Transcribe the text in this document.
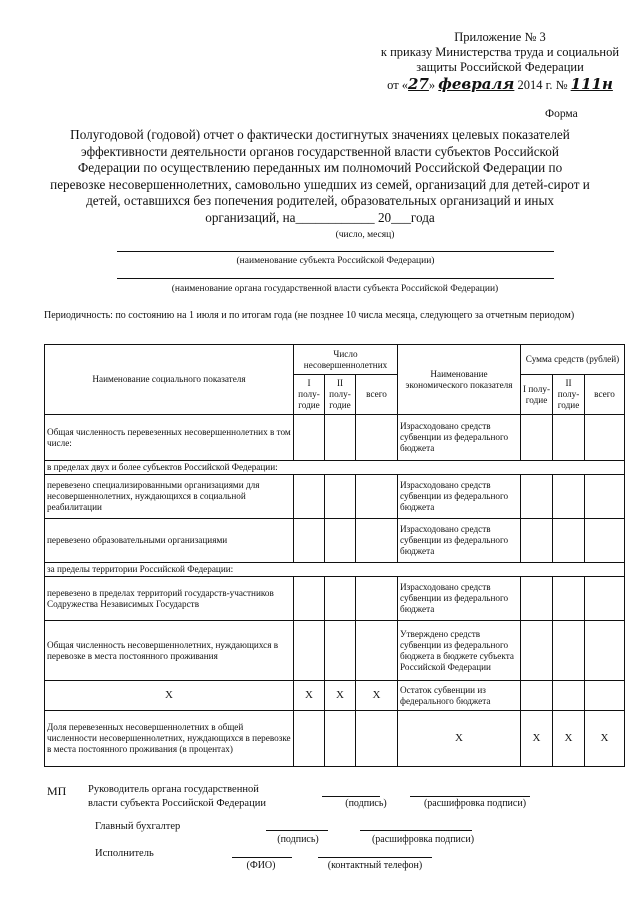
Приложение № 3
к приказу Министерства труда и социальной
защиты Российской Федерации
от «27» февраля 2014 г. № 111н
Форма
Полугодовой (годовой) отчет о фактически достигнутых значениях целевых показателей
эффективности деятельности органов государственной власти субъектов Российской
Федерации по осуществлению переданных им полномочий Российской Федерации по
перевозке несовершеннолетних, самовольно ушедших из семей, организаций для детей-сирот и
детей, оставшихся без попечения родителей, образовательных организаций и иных
организаций, на____________ 20___года
(число, месяц)
(наименование субъекта Российской Федерации)
(наименование органа государственной власти субъекта Российской Федерации)
Периодичность: по состоянию на 1 июля и по итогам года (не позднее 10 числа месяца, следующего за отчетным периодом)
Наименование социального показателя	Число несовершеннолетних			Наименование экономического показателя	Сумма средств (рублей)		
	I полу-годие	II полу-годие	всего		I полу-годие	II полу-годие	всего
Общая численность перевезенных несовершеннолетних в том числе:				Израсходовано средств субвенции из федерального бюджета			
в пределах двух и более субъектов Российской Федерации:							
перевезено специализированными организациями для несовершеннолетних, нуждающихся в социальной реабилитации				Израсходовано средств субвенции из федерального бюджета			
перевезено образовательными организациями				Израсходовано средств субвенции из федерального бюджета			
за пределы территории Российской Федерации:							
перевезено в пределах территорий государств-участников Содружества Независимых Государств				Израсходовано средств субвенции из федерального бюджета			
Общая численность несовершеннолетних, нуждающихся в перевозке в места постоянного проживания				Утверждено средств субвенции из федерального бюджета в бюджете субъекта Российской Федерации			
Х	Х	Х	Х	Остаток субвенции из федерального бюджета			
Доля перевезенных несовершеннолетних в общей численности несовершеннолетних, нуждающихся в перевозке в места постоянного проживания (в процентах)				Х	Х	Х	Х
МП Руководитель органа государственной
власти субъекта Российской Федерации	(подпись)	(расшифровка подписи)
Главный бухгалтер
(подпись)	(расшифровка подписи)
Исполнитель
(ФИО)	(контактный телефон)
